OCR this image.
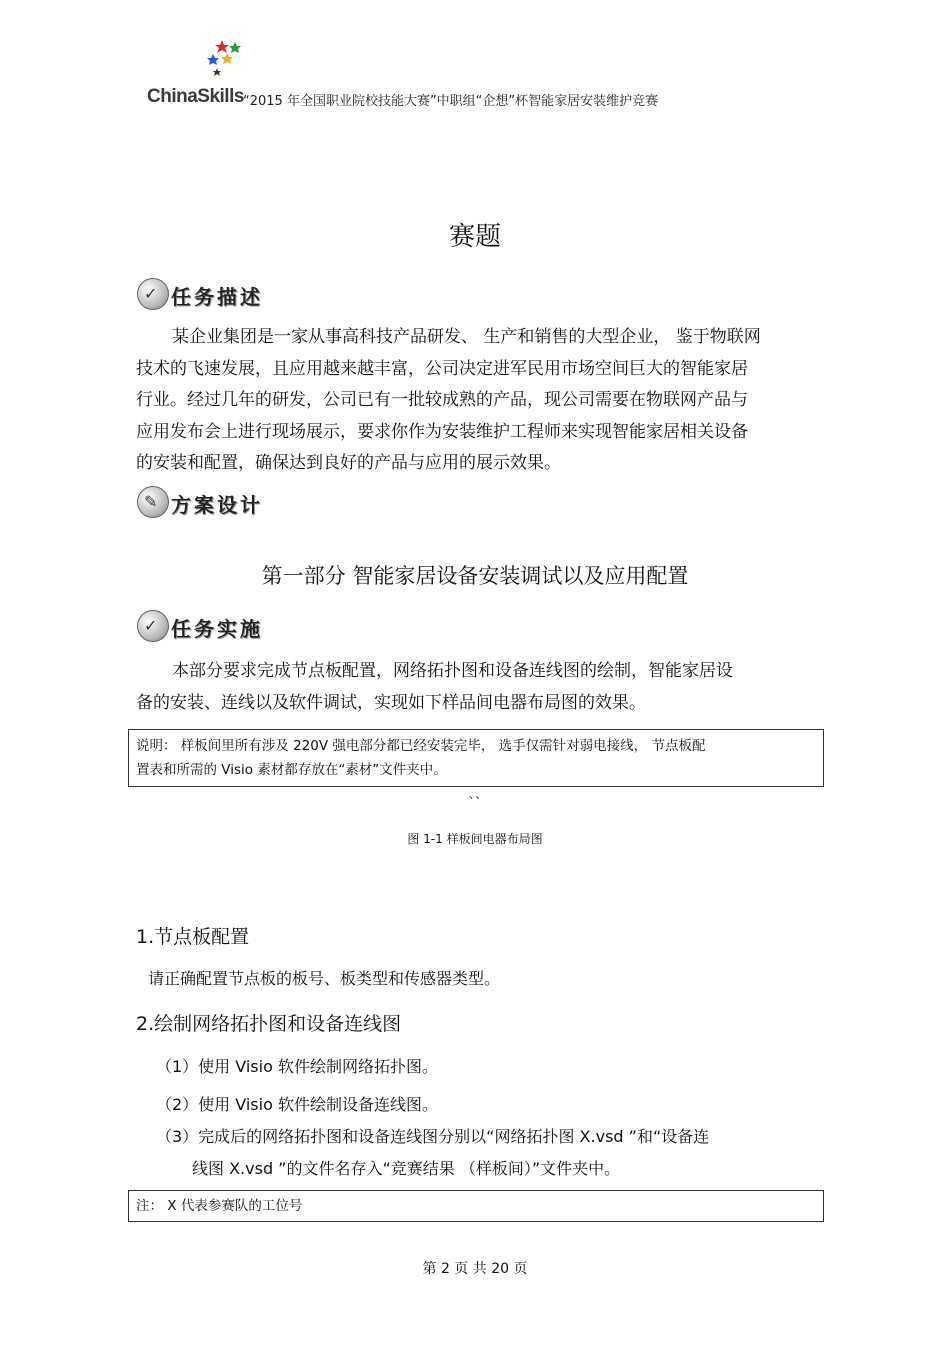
ChinaSkills “2015 年全国职业院校技能大赛”中职组“企想”杯智能家居安装维护竞赛
赛题
✓ 任务描述

某企业集团是一家从事高科技产品研发、 生产和销售的大型企业， 鉴于物联网

技术的飞速发展，且应用越来越丰富，公司决定进军民用市场空间巨大的智能家居

行业。经过几年的研发，公司已有一批较成熟的产品，现公司需要在物联网产品与

应用发布会上进行现场展示，要求你作为安装维护工程师来实现智能家居相关设备

的安装和配置，确保达到良好的产品与应用的展示效果。

✎ 方案设计
第一部分 智能家居设备安装调试以及应用配置
✓ 任务实施

本部分要求完成节点板配置，网络拓扑图和设备连线图的绘制，智能家居设

备的安装、连线以及软件调试，实现如下样品间电器布局图的效果。

说明： 样板间里所有涉及 220V 强电部分都已经安装完毕， 选手仅需针对弱电接线， 节点板配
置表和所需的 Visio 素材都存放在“素材”文件夹中。
``
图 1-1 样板间电器布局图
1.节点板配置
请正确配置节点板的板号、板类型和传感器类型。
2.绘制网络拓扑图和设备连线图
（1）使用 Visio 软件绘制网络拓扑图。
（2）使用 Visio 软件绘制设备连线图。
（3）完成后的网络拓扑图和设备连线图分别以“网络拓扑图 X.vsd ”和“设备连
线图 X.vsd ”的文件名存入“竞赛结果 （样板间）”文件夹中。
注： X 代表参赛队的工位号
第 2 页 共 20 页
